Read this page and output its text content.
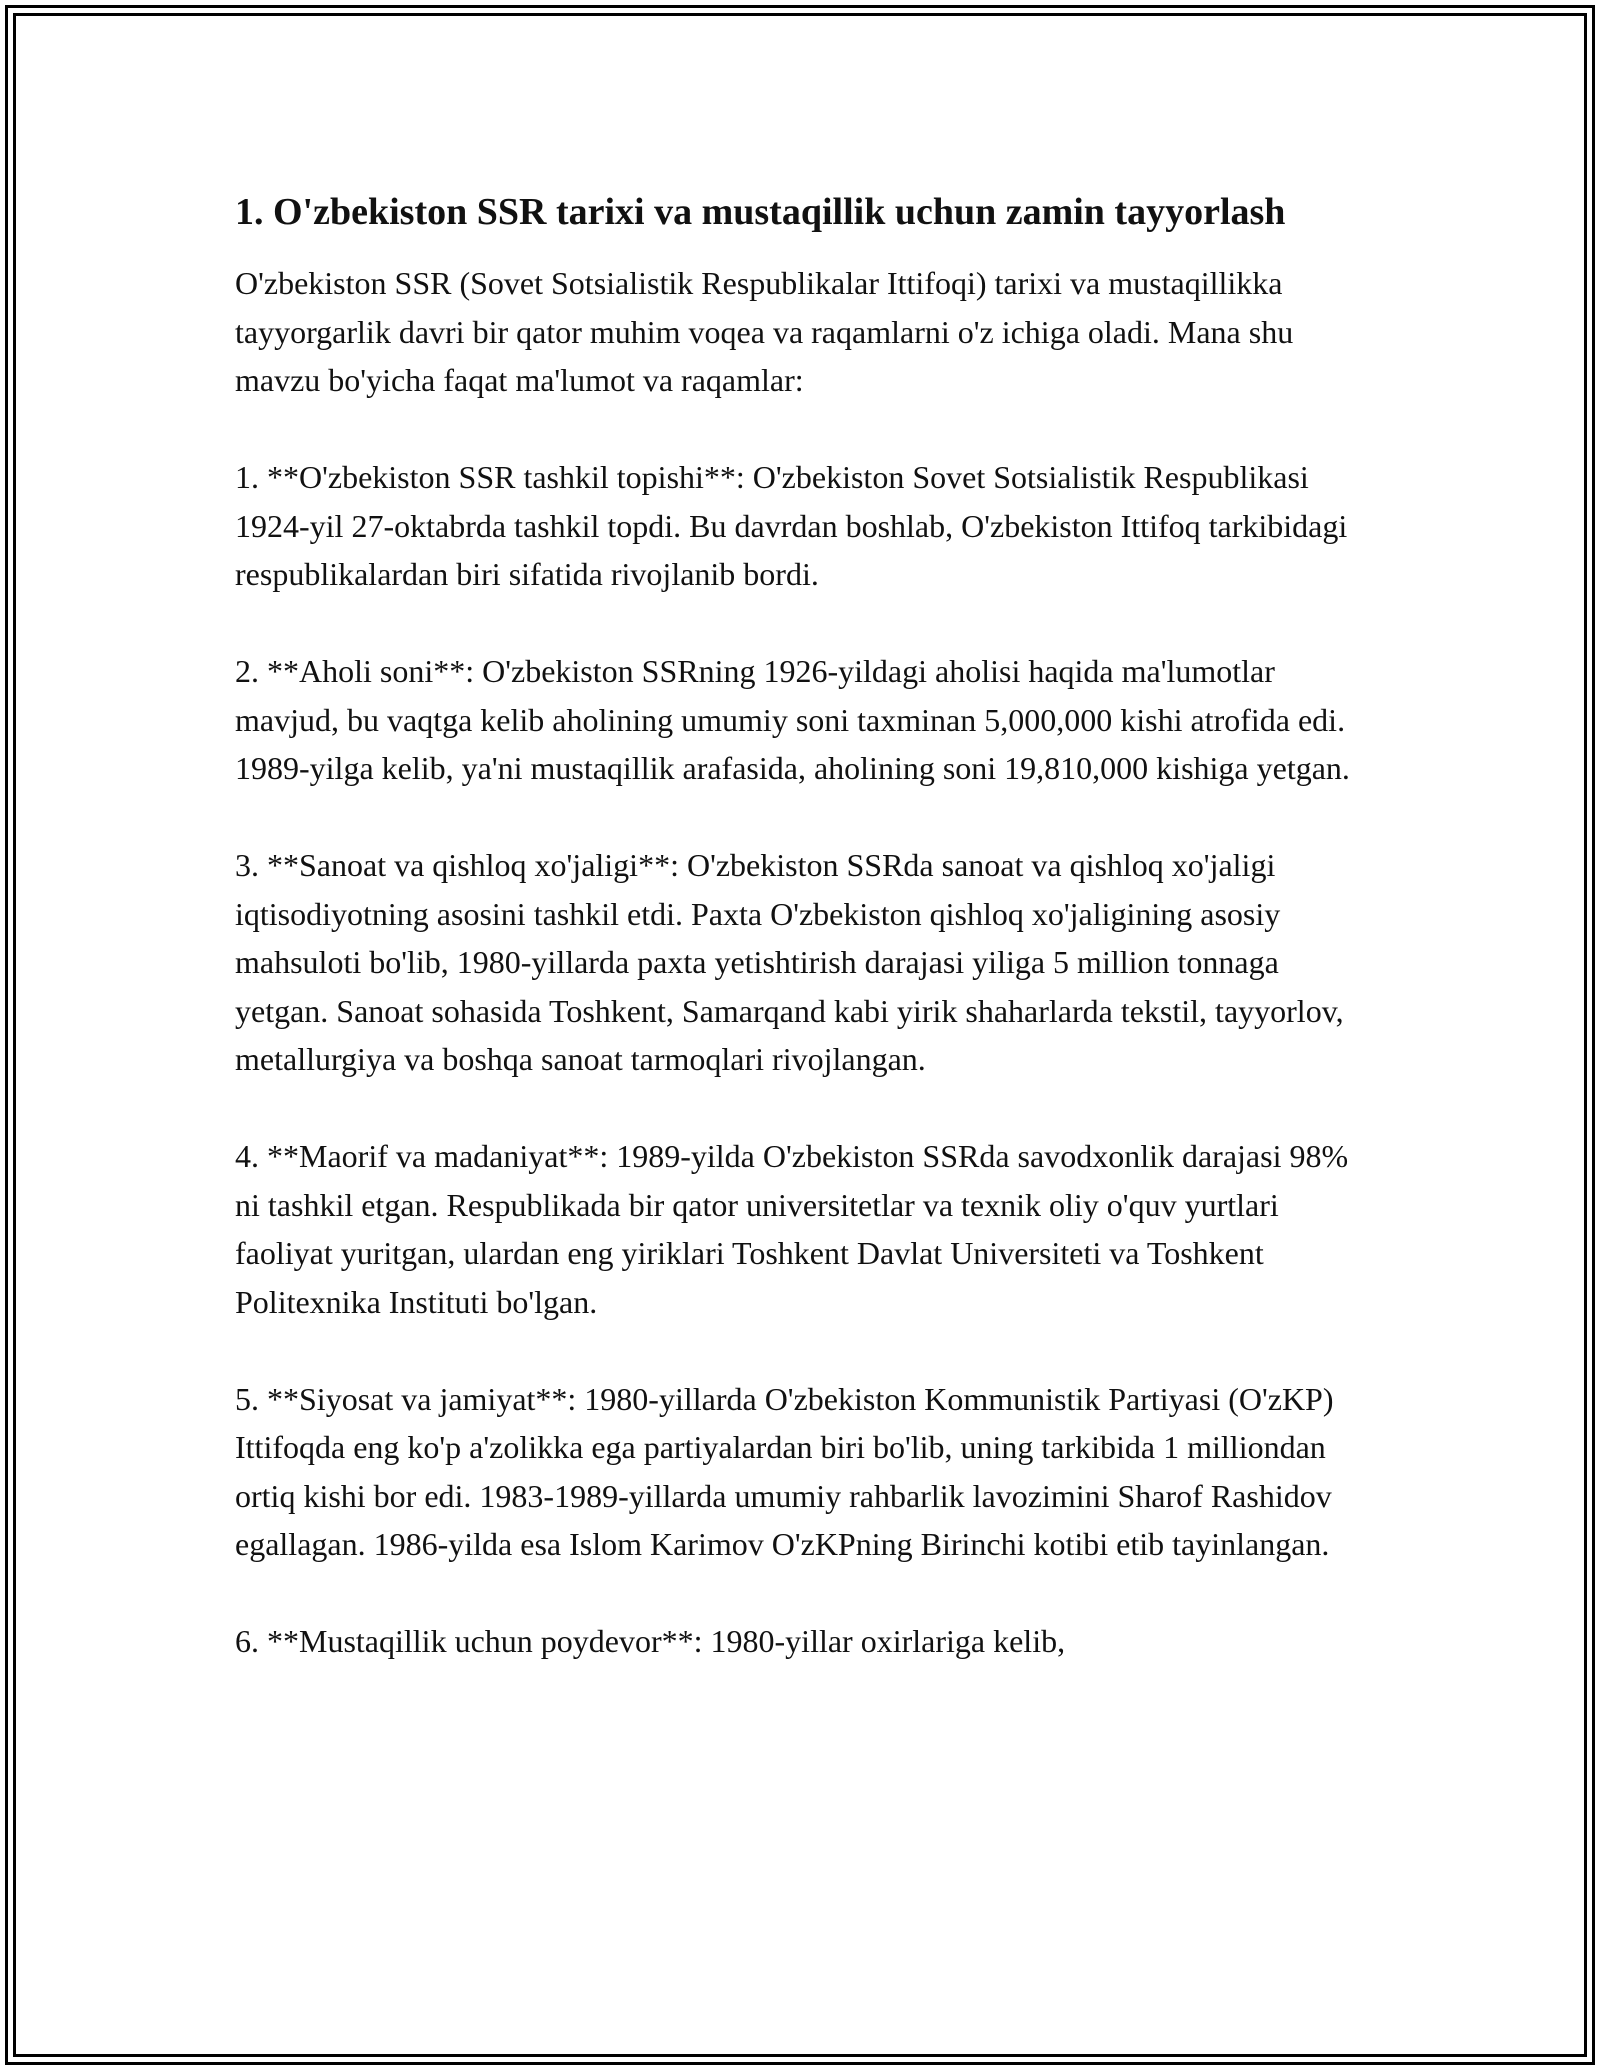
1. O'zbekiston SSR tarixi va mustaqillik uchun zamin tayyorlash
O'zbekiston SSR (Sovet Sotsialistik Respublikalar Ittifoqi) tarixi va mustaqillikka tayyorgarlik davri bir qator muhim voqea va raqamlarni o'z ichiga oladi. Mana shu mavzu bo'yicha faqat ma'lumot va raqamlar:
1. **O'zbekiston SSR tashkil topishi**: O'zbekiston Sovet Sotsialistik Respublikasi 1924-yil 27-oktabrda tashkil topdi. Bu davrdan boshlab, O'zbekiston Ittifoq tarkibidagi respublikalardan biri sifatida rivojlanib bordi.
2. **Aholi soni**: O'zbekiston SSRning 1926-yildagi aholisi haqida ma'lumotlar mavjud, bu vaqtga kelib aholining umumiy soni taxminan 5,000,000 kishi atrofida edi. 1989-yilga kelib, ya'ni mustaqillik arafasida, aholining soni 19,810,000 kishiga yetgan.
3. **Sanoat va qishloq xo'jaligi**: O'zbekiston SSRda sanoat va qishloq xo'jaligi iqtisodiyotning asosini tashkil etdi. Paxta O'zbekiston qishloq xo'jaligining asosiy mahsuloti bo'lib, 1980-yillarda paxta yetishtirish darajasi yiliga 5 million tonnaga yetgan. Sanoat sohasida Toshkent, Samarqand kabi yirik shaharlarda tekstil, tayyorlov, metallurgiya va boshqa sanoat tarmoqlari rivojlangan.
4. **Maorif va madaniyat**: 1989-yilda O'zbekiston SSRda savodxonlik darajasi 98% ni tashkil etgan. Respublikada bir qator universitetlar va texnik oliy o'quv yurtlari faoliyat yuritgan, ulardan eng yiriklari Toshkent Davlat Universiteti va Toshkent Politexnika Instituti bo'lgan.
5. **Siyosat va jamiyat**: 1980-yillarda O'zbekiston Kommunistik Partiyasi (O'zKP) Ittifoqda eng ko'p a'zolikka ega partiyalardan biri bo'lib, uning tarkibida 1 milliondan ortiq kishi bor edi. 1983-1989-yillarda umumiy rahbarlik lavozimini Sharof Rashidov egallagan. 1986-yilda esa Islom Karimov O'zKPning Birinchi kotibi etib tayinlangan.
6. **Mustaqillik uchun poydevor**: 1980-yillar oxirlariga kelib,
